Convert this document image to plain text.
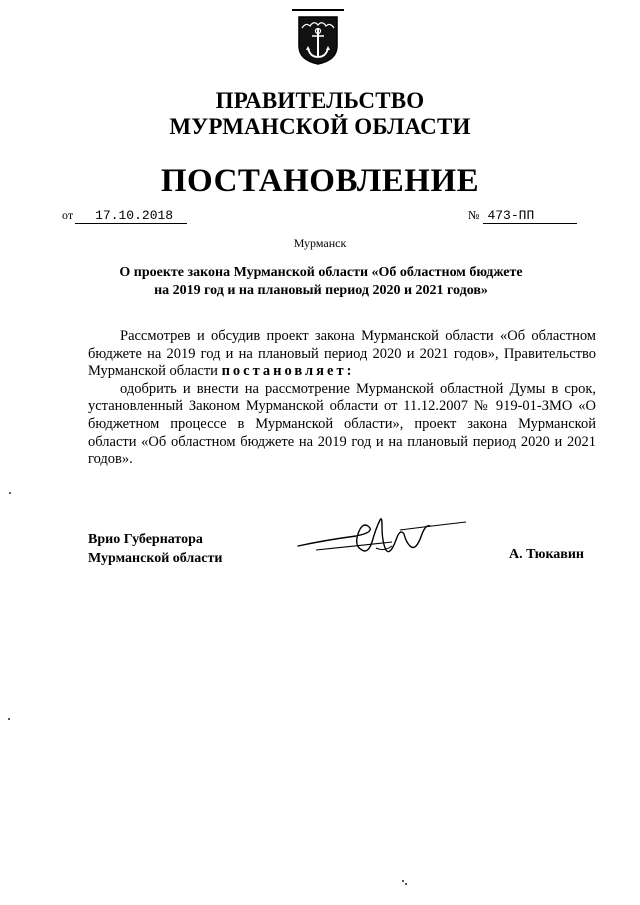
ПРАВИТЕЛЬСТВО
МУРМАНСКОЙ ОБЛАСТИ
ПОСТАНОВЛЕНИЕ
от 17.10.2018	№ 473-ПП
Мурманск
О проекте закона Мурманской области «Об областном бюджете
на 2019 год и на плановый период 2020 и 2021 годов»

Рассмотрев и обсудив проект закона Мурманской области «Об областном бюджете на 2019 год и на плановый период 2020 и 2021 годов», Правительство Мурманской области постановляет:

одобрить и внести на рассмотрение Мурманской областной Думы в срок, установленный Законом Мурманской области от 11.12.2007 № 919-01-ЗМО «О бюджетном процессе в Мурманской области», проект закона Мурманской области «Об областном бюджете на 2019 год и на плановый период 2020 и 2021 годов».

Врио Губернатора
Мурманской области	А. Тюкавин
